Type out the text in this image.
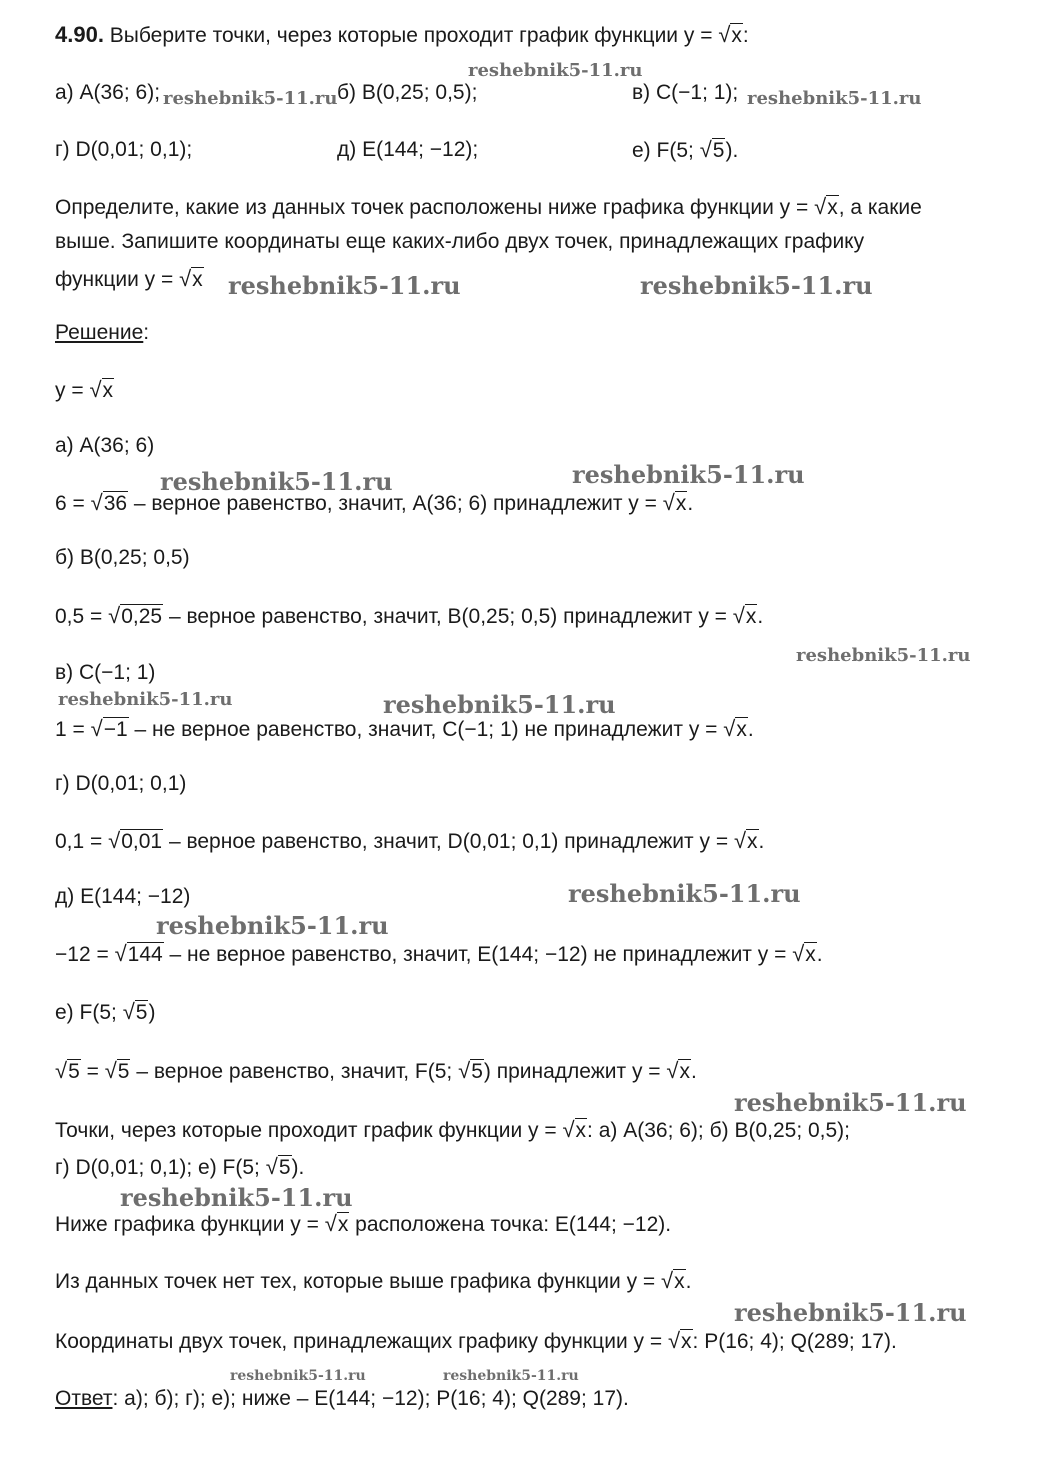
4.90. Выберите точки, через которые проходит график функции y = √x:
а) A(36; 6);	б) B(0,25; 0,5);	в) C(−1; 1);
г) D(0,01; 0,1);	д) E(144; −12);	е) F(5; √5).
Определите, какие из данных точек расположены ниже графика функции y = √x, а какие
выше. Запишите координаты еще каких-либо двух точек, принадлежащих графику
функции y = √x
Решение:
y = √x
а) A(36; 6)
6 = √36 – верное равенство, значит, A(36; 6) принадлежит y = √x.
б) B(0,25; 0,5)
0,5 = √0,25 – верное равенство, значит, B(0,25; 0,5) принадлежит y = √x.
в) C(−1; 1)
1 = √−1 – не верное равенство, значит, C(−1; 1) не принадлежит y = √x.
г) D(0,01; 0,1)
0,1 = √0,01 – верное равенство, значит, D(0,01; 0,1) принадлежит y = √x.
д) E(144; −12)
−12 = √144 – не верное равенство, значит, E(144; −12) не принадлежит y = √x.
е) F(5; √5)
√5 = √5 – верное равенство, значит, F(5; √5) принадлежит y = √x.
Точки, через которые проходит график функции y = √x: а) A(36; 6); б) B(0,25; 0,5);
г) D(0,01; 0,1); е) F(5; √5).
Ниже графика функции y = √x расположена точка: E(144; −12).
Из данных точек нет тех, которые выше графика функции y = √x.
Координаты двух точек, принадлежащих графику функции y = √x: P(16; 4); Q(289; 17).
Ответ: а); б); г); е); ниже – E(144; −12); P(16; 4); Q(289; 17).
reshebnik5-11.ru
reshebnik5-11.ru	reshebnik5-11.ru
reshebnik5-11.ru	reshebnik5-11.ru
reshebnik5-11.ru	reshebnik5-11.ru
reshebnik5-11.ru
reshebnik5-11.ru	reshebnik5-11.ru
reshebnik5-11.ru
reshebnik5-11.ru
reshebnik5-11.ru
reshebnik5-11.ru
reshebnik5-11.ru
reshebnik5-11.ru	reshebnik5-11.ru
